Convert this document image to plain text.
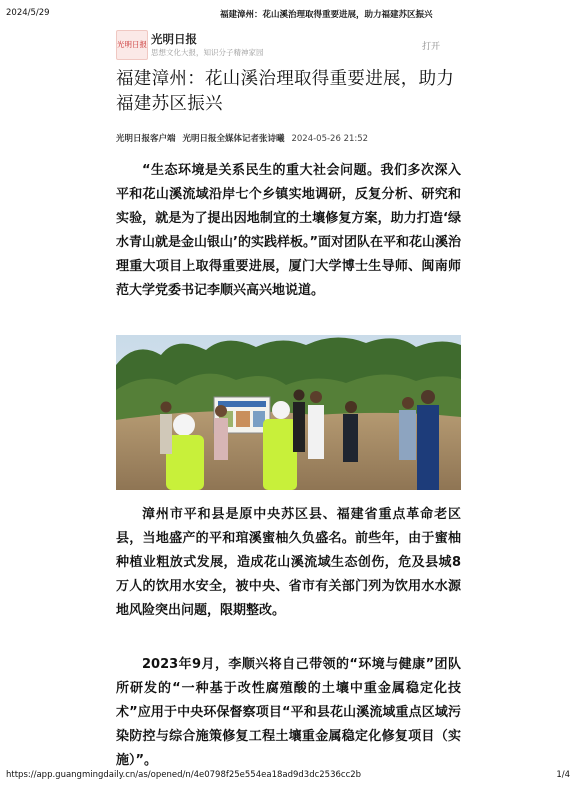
2024/5/29	福建漳州：花山溪治理取得重要进展，助力福建苏区振兴
光明日报 光明日报
思想文化大报，知识分子精神家园
打开
福建漳州：花山溪治理取得重要进展，助力福建苏区振兴
光明日报客户端 光明日报全媒体记者张诗曦 2024-05-26 21:52

“生态环境是关系民生的重大社会问题。我们多次深入平和花山溪流域沿岸七个乡镇实地调研，反复分析、研究和实验，就是为了提出因地制宜的土壤修复方案，助力打造‘绿水青山就是金山银山’的实践样板。”面对团队在平和花山溪治理重大项目上取得重要进展，厦门大学博士生导师、闽南师范大学党委书记李顺兴高兴地说道。

漳州市平和县是原中央苏区县、福建省重点革命老区县，当地盛产的平和琯溪蜜柚久负盛名。前些年，由于蜜柚种植业粗放式发展，造成花山溪流域生态创伤，危及县城8万人的饮用水安全，被中央、省市有关部门列为饮用水水源地风险突出问题，限期整改。

2023年9月，李顺兴将自己带领的“环境与健康”团队所研发的“一种基于改性腐殖酸的土壤中重金属稳定化技术”应用于中央环保督察项目“平和县花山溪流域重点区域污染防控与综合施策修复工程土壤重金属稳定化修复项目（实施）”。

https://app.guangmingdaily.cn/as/opened/n/4e0798f25e554ea18ad9d3dc2536cc2b	1/4
